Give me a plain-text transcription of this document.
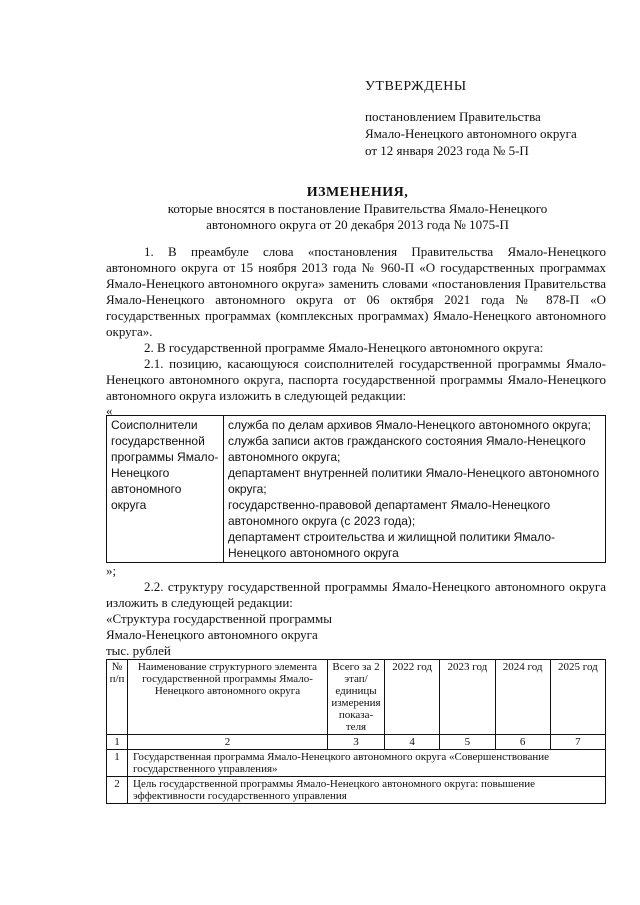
УТВЕРЖДЕНЫ
постановлением Правительства
Ямало-Ненецкого автономного округа
от 12 января 2023 года № 5-П
ИЗМЕНЕНИЯ,
которые вносятся в постановление Правительства Ямало-Ненецкого
автономного округа от 20 декабря 2013 года № 1075-П

1. В преамбуле слова «постановления Правительства Ямало-Ненецкого автономного округа от 15 ноября 2013 года № 960-П «О государственных программах Ямало-Ненецкого автономного округа» заменить словами «постановления Правительства Ямало-Ненецкого автономного округа от 06 октября 2021 года № 878-П «О государственных программах (комплексных программах) Ямало-Ненецкого автономного округа».

2. В государственной программе Ямало-Ненецкого автономного округа:

2.1. позицию, касающуюся соисполнителей государственной программы Ямало-Ненецкого автономного округа, паспорта государственной программы Ямало-Ненецкого автономного округа изложить в следующей редакции:

«

Соисполнители государственной программы Ямало-Ненецкого автономного округа	
служба по делам архивов Ямало-Ненецкого автономного округа;
служба записи актов гражданского состояния Ямало-Ненецкого автономного округа;
департамент внутренней политики Ямало-Ненецкого автономного округа;
государственно-правовой департамент Ямало-Ненецкого автономного округа (с 2023 года);
департамент строительства и жилищной политики Ямало-Ненецкого автономного округа

»;

2.2. структуру государственной программы Ямало-Ненецкого автономного округа изложить в следующей редакции:

«Структура государственной программы

Ямало-Ненецкого автономного округа

тыс. рублей

№ п/п	Наименование структурного элемента государственной программы Ямало-Ненецкого автономного округа	Всего за 2 этап/ единицы измерения показа-теля	2022 год	2023 год	2024 год	2025 год
1	2	3	4	5	6	7
1	Государственная программа Ямало-Ненецкого автономного округа «Совершенствование государственного управления»					
2	Цель государственной программы Ямало-Ненецкого автономного округа: повышение эффективности государственного управления					
